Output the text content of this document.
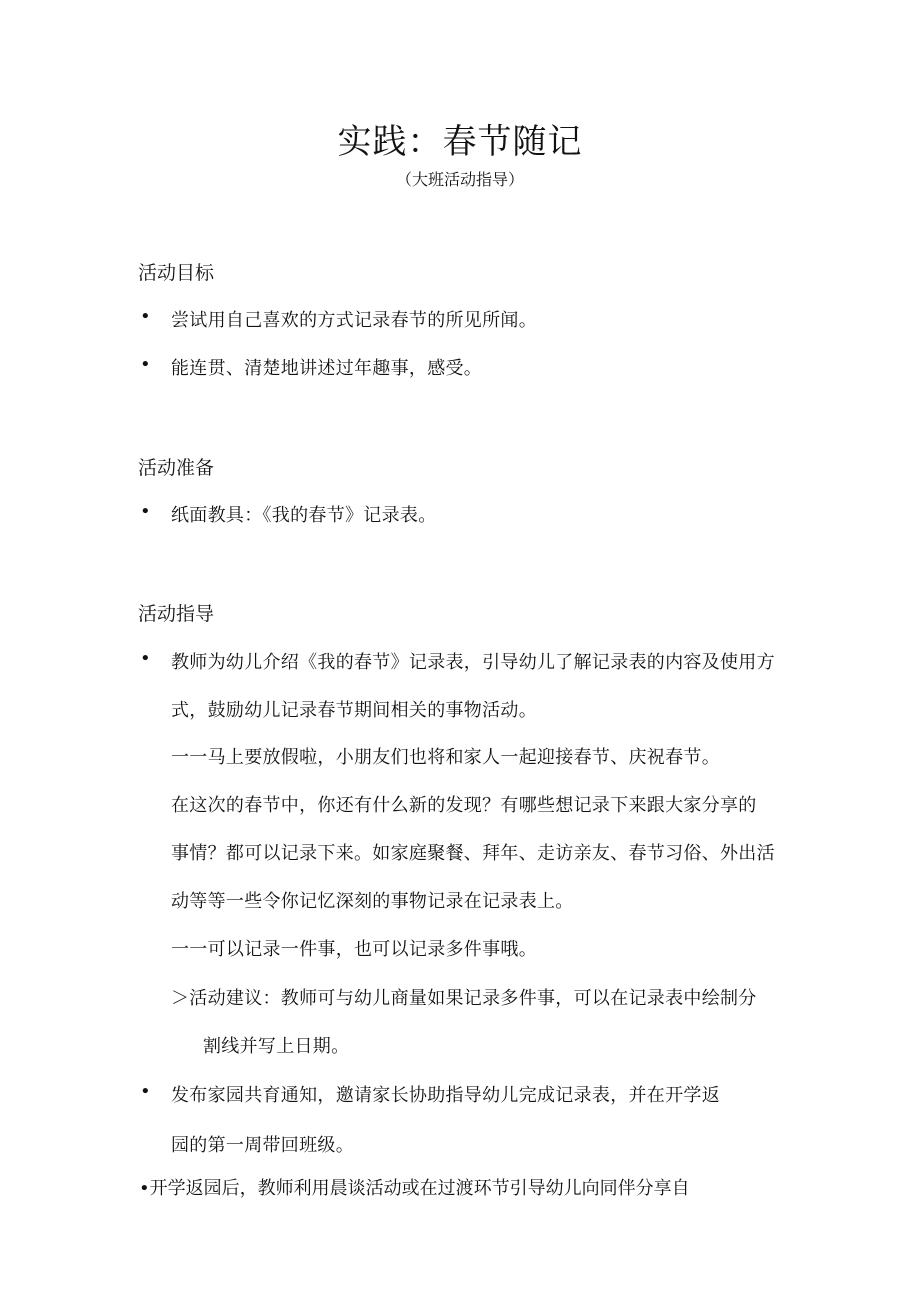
实践：春节随记
（大班活动指导）
活动目标
• 尝试用自己喜欢的方式记录春节的所见所闻。
• 能连贯、清楚地讲述过年趣事，感受。
活动准备
• 纸面教具：《我的春节》记录表。
活动指导
• 教师为幼儿介绍《我的春节》记录表，引导幼儿了解记录表的内容及使用方
式，鼓励幼儿记录春节期间相关的事物活动。
一一马上要放假啦，小朋友们也将和家人一起迎接春节、庆祝春节。
在这次的春节中，你还有什么新的发现？有哪些想记录下来跟大家分享的
事情？都可以记录下来。如家庭聚餐、拜年、走访亲友、春节习俗、外出活
动等等一些令你记忆深刻的事物记录在记录表上。
一一可以记录一件事，也可以记录多件事哦。
＞活动建议：教师可与幼儿商量如果记录多件事，可以在记录表中绘制分
割线并写上日期。
• 发布家园共育通知，邀请家长协助指导幼儿完成记录表，并在开学返
园的第一周带回班级。
•开学返园后，教师利用晨谈活动或在过渡环节引导幼儿向同伴分享自
